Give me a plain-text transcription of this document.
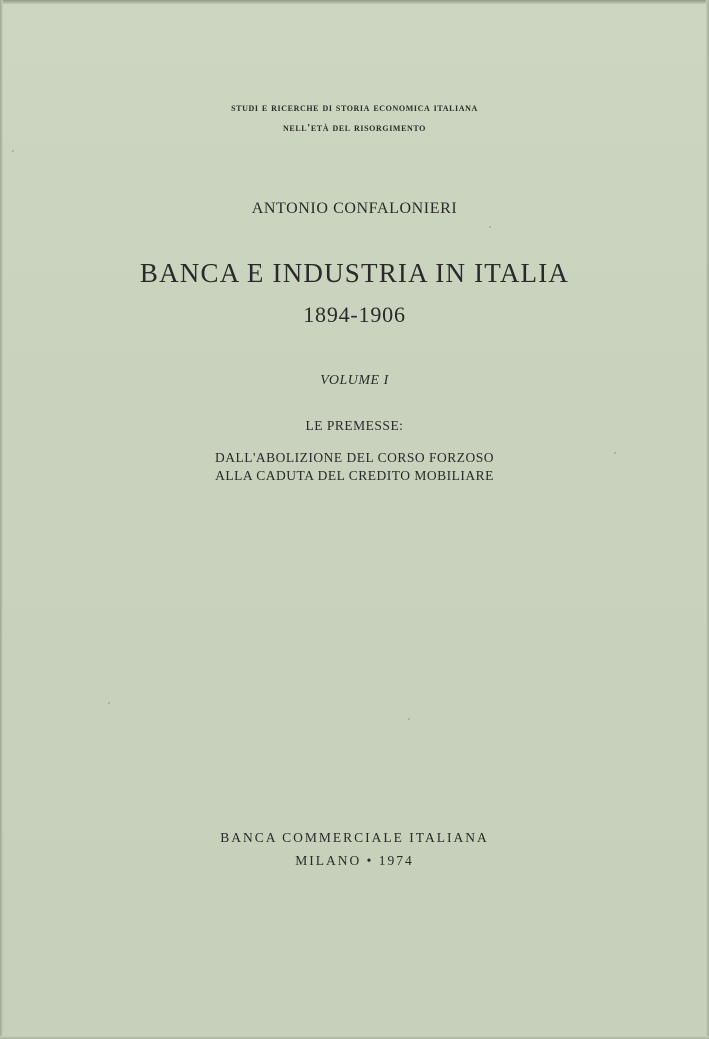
studi e ricerche di storia economica italiana
nell'età del risorgimento
ANTONIO CONFALONIERI
BANCA E INDUSTRIA IN ITALIA
1894-1906
VOLUME I
LE PREMESSE:
DALL'ABOLIZIONE DEL CORSO FORZOSO
ALLA CADUTA DEL CREDITO MOBILIARE
BANCA COMMERCIALE ITALIANA
MILANO • 1974
